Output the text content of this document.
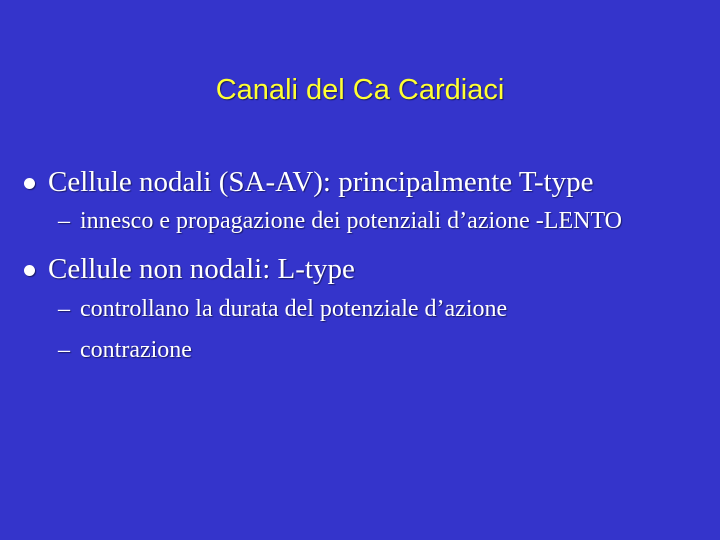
Canali del Ca Cardiaci
Cellule nodali (SA-AV): principalmente T-type
– innesco e propagazione dei potenziali d’azione -LENTO
Cellule non nodali: L-type
– controllano la durata del potenziale d’azione
– contrazione
